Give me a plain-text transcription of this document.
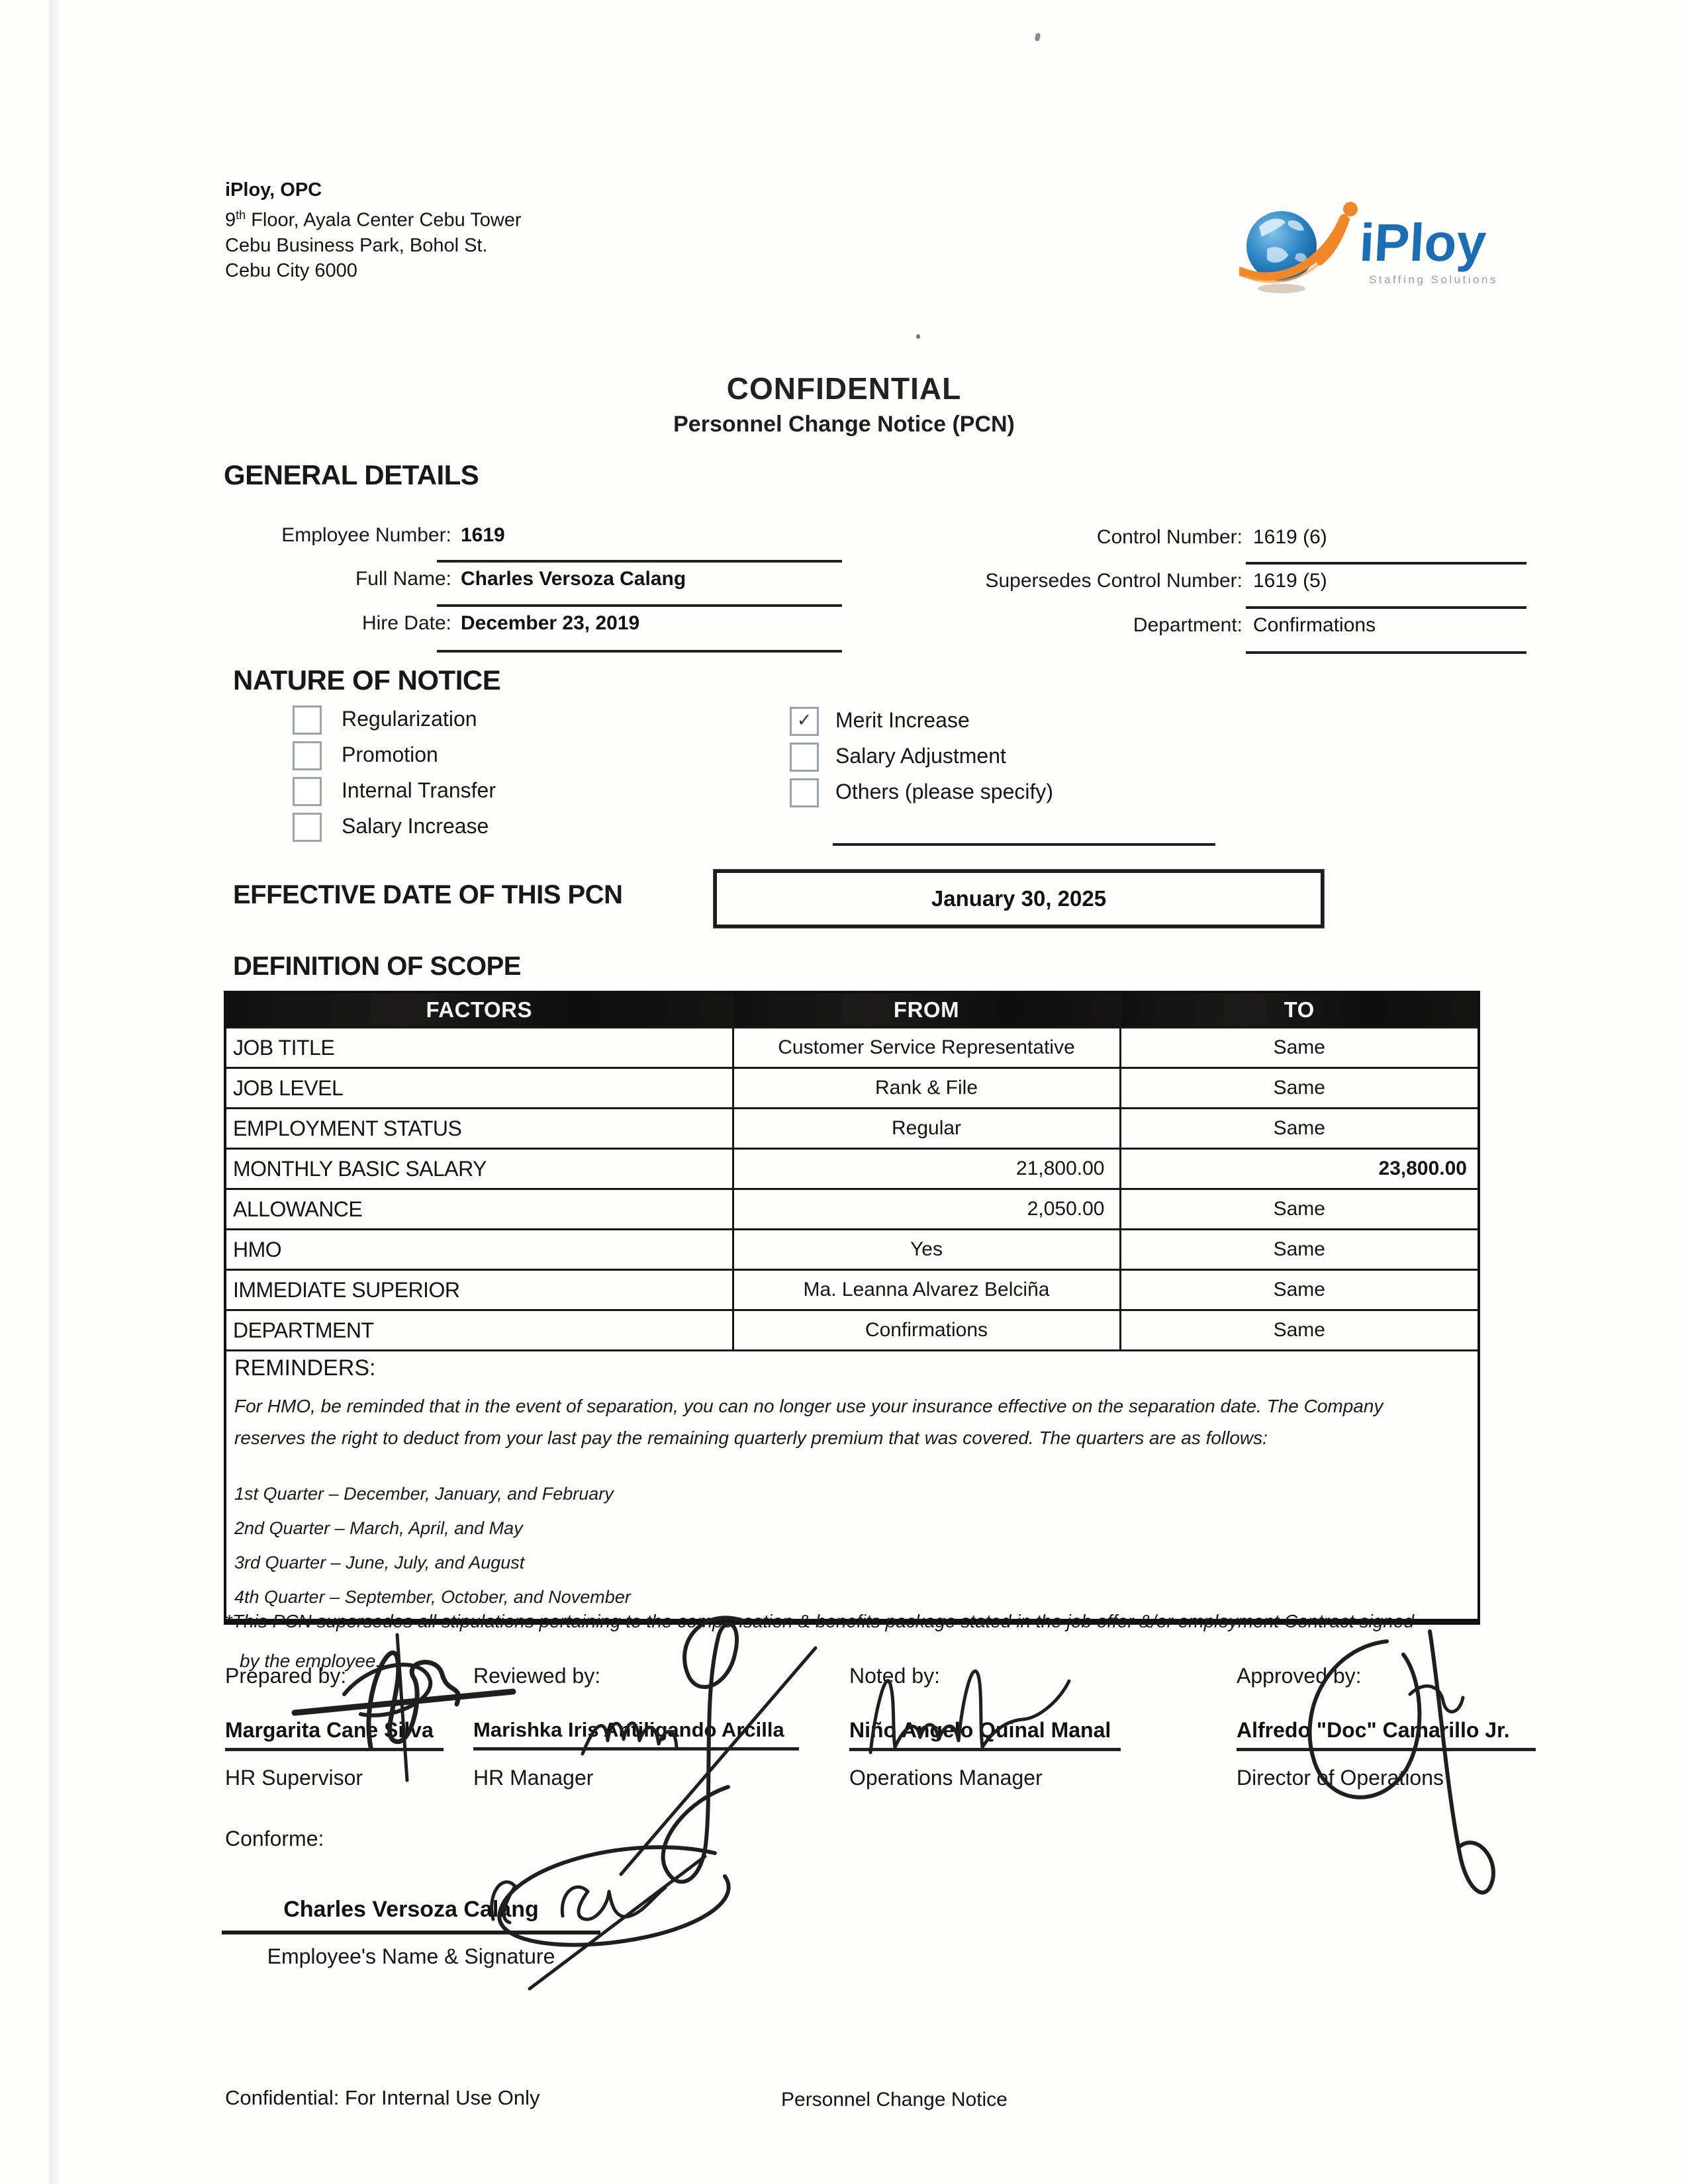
iPloy, OPC
9th Floor, Ayala Center Cebu Tower
Cebu Business Park, Bohol St.
Cebu City 6000	iPloy
Staffing Solutions
CONFIDENTIAL
Personnel Change Notice (PCN)
GENERAL DETAILS
Employee Number: 1619
Full Name: Charles Versoza Calang
Hire Date: December 23, 2019
Control Number: 1619 (6)
Supersedes Control Number: 1619 (5)
Department: Confirmations
NATURE OF NOTICE
Regularization
Promotion
Internal Transfer
Salary Increase
✓ Merit Increase
Salary Adjustment
Others (please specify)
EFFECTIVE DATE OF THIS PCN	January 30, 2025
DEFINITION OF SCOPE
FACTORS	FROM	TO
JOB TITLE	Customer Service Representative	Same
JOB LEVEL	Rank & File	Same
EMPLOYMENT STATUS	Regular	Same
MONTHLY BASIC SALARY	21,800.00	23,800.00
ALLOWANCE	2,050.00	Same
HMO	Yes	Same
IMMEDIATE SUPERIOR	Ma. Leanna Alvarez Belciña	Same
DEPARTMENT	Confirmations	Same

REMINDERS:
For HMO, be reminded that in the event of separation, you can no longer use your insurance effective on the separation date. The Company reserves the right to deduct from your last pay the remaining quarterly premium that was covered. The quarters are as follows:
1st Quarter – December, January, and February
2nd Quarter – March, April, and May
3rd Quarter – June, July, and August
4th Quarter – September, October, and November
*This PCN supersedes all stipulations pertaining to the compensation & benefits package stated in the job offer &/or employment Contract signed
by the employee.
Prepared by:
Margarita Cane Silva
HR Supervisor
Reviewed by:
Marishka Iris Antiligando Arcilla
HR Manager
Noted by:
Niño Angelo Quinal Manal
Operations Manager
Approved by:
Alfredo "Doc" Camarillo Jr.
Director of Operations
Conforme:
Charles Versoza Calang
Employee's Name & Signature
Confidential: For Internal Use Only	Personnel Change Notice
